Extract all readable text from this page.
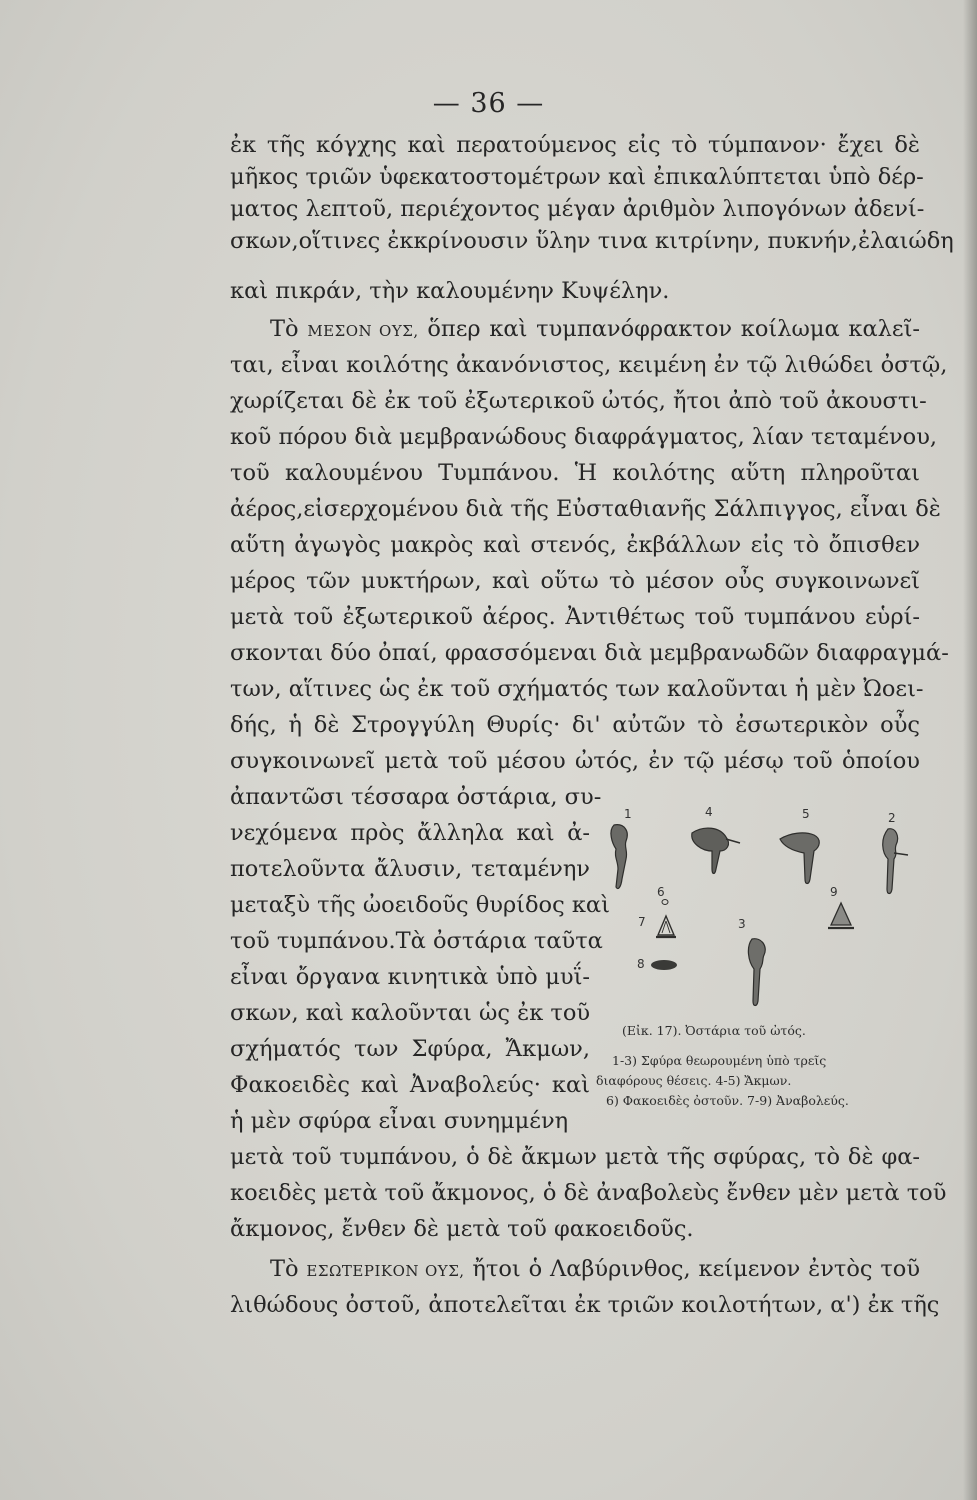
— 36 —
ἐκ τῆς κόγχης καὶ περατούμενος εἰς τὸ τύμπανον· ἔχει δὲ
μῆκος τριῶν ὑφεκατοστομέτρων καὶ ἐπικαλύπτεται ὑπὸ δέρ-
ματος λεπτοῦ, περιέχοντος μέγαν ἀριθμὸν λιπογόνων ἀδενί-
σκων,οἵτινες ἐκκρίνουσιν ὕλην τινα κιτρίνην, πυκνήν,ἐλαιώδη
καὶ πικράν, τὴν καλουμένην Κυψέλην.
Τὸ ΜΕΣΟΝ ΟΥΣ, ὅπερ καὶ τυμπανόφρακτον κοίλωμα καλεῖ-
ται, εἶναι κοιλότης ἀκανόνιστος, κειμένη ἐν τῷ λιθώδει ὀστῷ,
χωρίζεται δὲ ἐκ τοῦ ἐξωτερικοῦ ὠτός, ἤτοι ἀπὸ τοῦ ἀκουστι-
κοῦ πόρου διὰ μεμβρανώδους διαφράγματος, λίαν τεταμένου,
τοῦ καλουμένου Τυμπάνου. Ἡ κοιλότης αὕτη πληροῦται
ἀέρος,εἰσερχομένου διὰ τῆς Εὐσταθιανῆς Σάλπιγγος, εἶναι δὲ
αὕτη ἀγωγὸς μακρὸς καὶ στενός, ἐκβάλλων εἰς τὸ ὄπισθεν
μέρος τῶν μυκτήρων, καὶ οὕτω τὸ μέσον οὖς συγκοινωνεῖ
μετὰ τοῦ ἐξωτερικοῦ ἀέρος. Ἀντιθέτως τοῦ τυμπάνου εὑρί-
σκονται δύο ὀπαί, φρασσόμεναι διὰ μεμβρανωδῶν διαφραγμά-
των, αἵτινες ὡς ἐκ τοῦ σχήματός των καλοῦνται ἡ μὲν Ὠοει-
δής, ἡ δὲ Στρογγύλη Θυρίς· δι' αὐτῶν τὸ ἐσωτερικὸν οὖς
συγκοινωνεῖ μετὰ τοῦ μέσου ὠτός, ἐν τῷ μέσῳ τοῦ ὁποίου
ἀπαντῶσι τέσσαρα ὀστάρια, συ-
νεχόμενα πρὸς ἄλληλα καὶ ἀ-
ποτελοῦντα ἄλυσιν, τεταμένην
μεταξὺ τῆς ὠοειδοῦς θυρίδος καὶ
τοῦ τυμπάνου.Τὰ ὀστάρια ταῦτα
εἶναι ὄργανα κινητικὰ ὑπὸ μυΐ-
σκων, καὶ καλοῦνται ὡς ἐκ τοῦ
σχήματός των Σφύρα, Ἄκμων,
Φακοειδὲς καὶ Ἀναβολεύς· καὶ
ἡ μὲν σφύρα εἶναι συνημμένη
1	4	5	2
6
7	3
9
8
(Εἰκ. 17). Ὀστάρια τοῦ ὠτός.
1-3) Σφύρα θεωρουμένη ὑπὸ τρεῖς
διαφόρους θέσεις. 4-5) Ἄκμων.
6) Φακοειδὲς ὀστοῦν. 7-9) Ἀναβολεύς.
μετὰ τοῦ τυμπάνου, ὁ δὲ ἄκμων μετὰ τῆς σφύρας, τὸ δὲ φα-
κοειδὲς μετὰ τοῦ ἄκμονος, ὁ δὲ ἀναβολεὺς ἔνθεν μὲν μετὰ τοῦ
ἄκμονος, ἔνθεν δὲ μετὰ τοῦ φακοειδοῦς.
Τὸ ΕΣΩΤΕΡΙΚΟΝ ΟΥΣ, ἤτοι ὁ Λαβύρινθος, κείμενον ἐντὸς τοῦ
λιθώδους ὀστοῦ, ἀποτελεῖται ἐκ τριῶν κοιλοτήτων, α') ἐκ τῆς
